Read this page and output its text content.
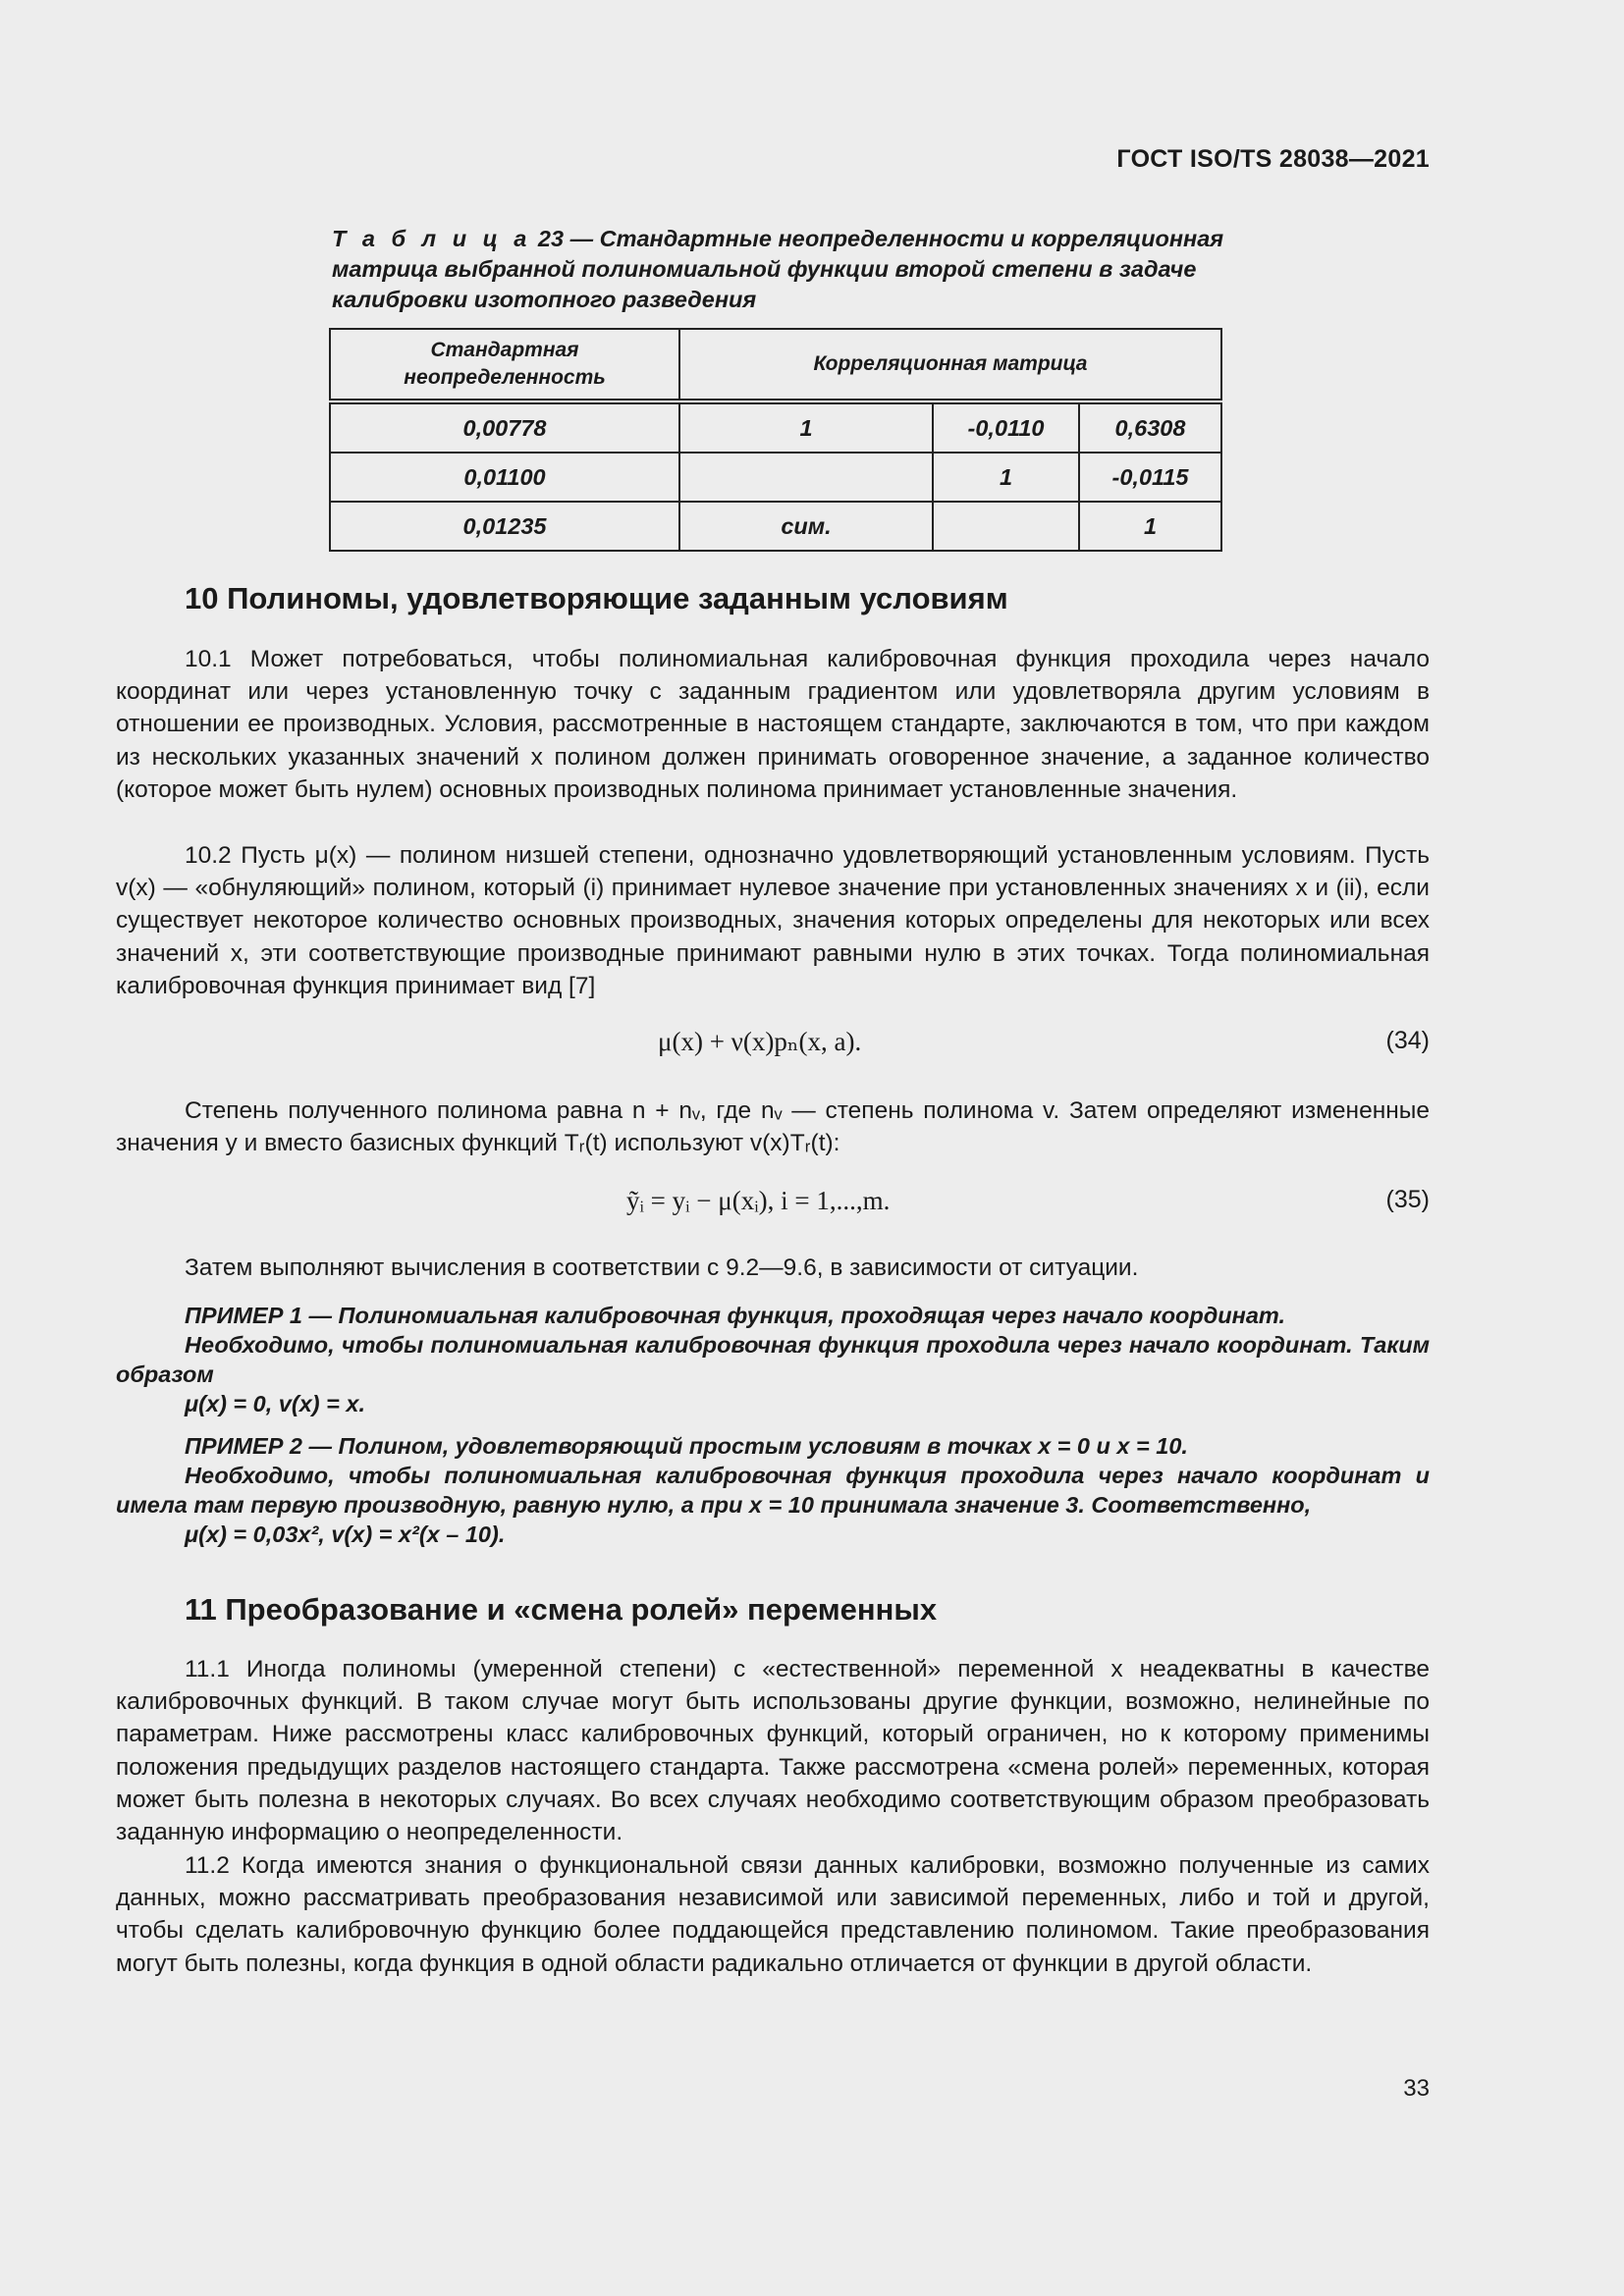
ГОСТ ISO/TS 28038—2021
Т а б л и ц а 23 — Стандартные неопределенности и корреляционная матрица выбранной полиномиальной функции второй степени в задаче калибровки изотопного разведения
Стандартная неопределенность	Корреляционная матрица		
0,00778	1	-0,0110	0,6308
0,01100		1	-0,0115
0,01235	сим.		1
10 Полиномы, удовлетворяющие заданным условиям

10.1 Может потребоваться, чтобы полиномиальная калибровочная функция проходила через начало координат или через установленную точку с заданным градиентом или удовлетворяла другим условиям в отношении ее производных. Условия, рассмотренные в настоящем стандарте, заключаются в том, что при каждом из нескольких указанных значений x полином должен принимать оговоренное значение, а заданное количество (которое может быть нулем) основных производных полинома принимает установленные значения.

10.2 Пусть μ(x) — полином низшей степени, однозначно удовлетворяющий установленным условиям. Пусть v(x) — «обнуляющий» полином, который (i) принимает нулевое значение при установленных значениях x и (ii), если существует некоторое количество основных производных, значения которых определены для некоторых или всех значений x, эти соответствующие производные принимают равными нулю в этих точках. Тогда полиномиальная калибровочная функция принимает вид [7]

μ(x) + ν(x)pₙ(x, a).	(34)

Степень полученного полинома равна n + nᵥ, где nᵥ — степень полинома v. Затем определяют измененные значения y и вместо базисных функций Tᵣ(t) используют v(x)Tᵣ(t):

ỹᵢ = yᵢ − μ(xᵢ), i = 1,...,m.	(35)

Затем выполняют вычисления в соответствии с 9.2—9.6, в зависимости от ситуации.

ПРИМЕР 1 — Полиномиальная калибровочная функция, проходящая через начало координат.
Необходимо, чтобы полиномиальная калибровочная функция проходила через начало координат. Таким образом
μ(x) = 0, v(x) = x.
ПРИМЕР 2 — Полином, удовлетворяющий простым условиям в точках x = 0 и x = 10.
Необходимо, чтобы полиномиальная калибровочная функция проходила через начало координат и имела там первую производную, равную нулю, а при x = 10 принимала значение 3. Соответственно,
μ(x) = 0,03x², v(x) = x²(x – 10).
11 Преобразование и «смена ролей» переменных

11.1 Иногда полиномы (умеренной степени) с «естественной» переменной x неадекватны в качестве калибровочных функций. В таком случае могут быть использованы другие функции, возможно, нелинейные по параметрам. Ниже рассмотрены класс калибровочных функций, который ограничен, но к которому применимы положения предыдущих разделов настоящего стандарта. Также рассмотрена «смена ролей» переменных, которая может быть полезна в некоторых случаях. Во всех случаях необходимо соответствующим образом преобразовать заданную информацию о неопределенности.

11.2 Когда имеются знания о функциональной связи данных калибровки, возможно полученные из самих данных, можно рассматривать преобразования независимой или зависимой переменных, либо и той и другой, чтобы сделать калибровочную функцию более поддающейся представлению полиномом. Такие преобразования могут быть полезны, когда функция в одной области радикально отличается от функции в другой области.

33
